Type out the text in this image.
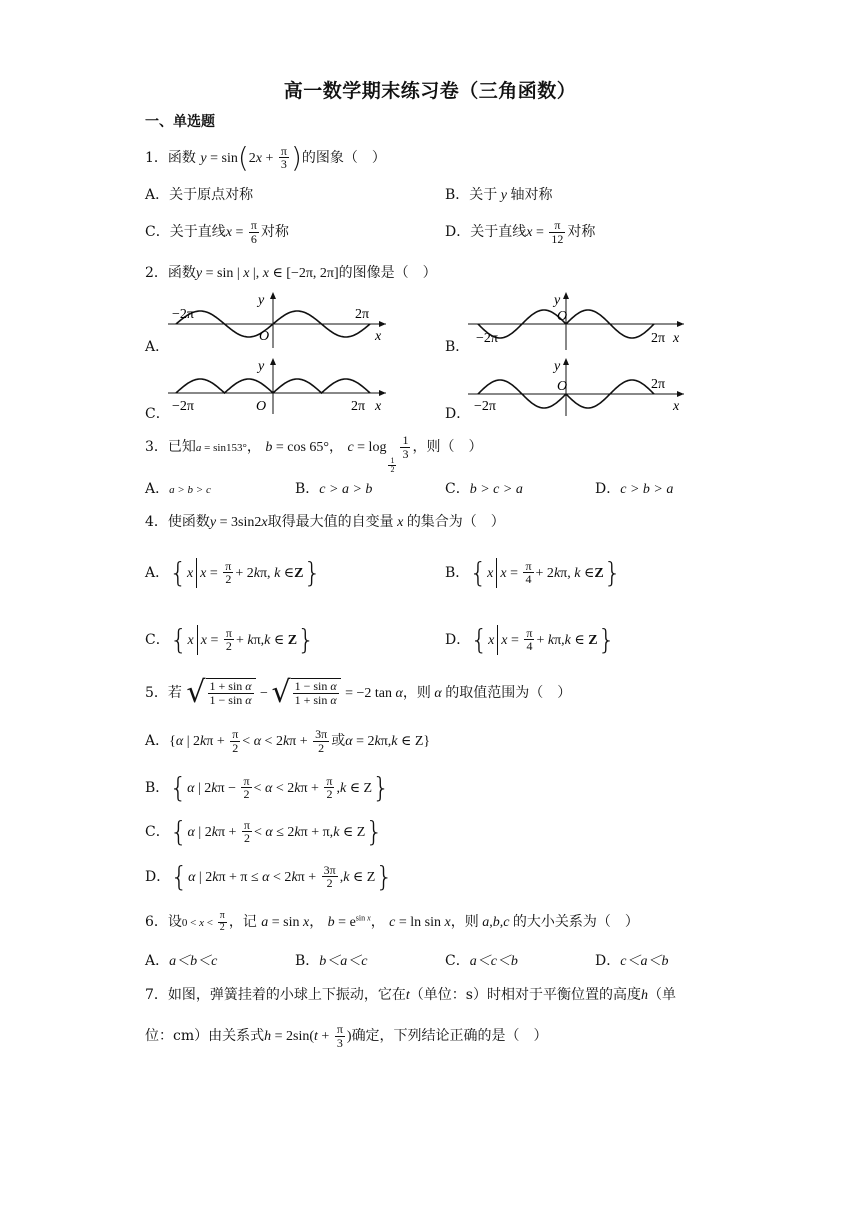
高一数学期末练习卷（三角函数）
一、单选题
1．函数 $y = \sin(2x + \frac{\pi}{3}$ )的图象（　）
A．关于原点对称	B．关于 y 轴对称
C．关于直线$x = \frac{\pi}{6}$ 对称	D．关于直线$x = \frac{\pi}{12}$ 对称
2．函数y = sin | x |, x ∈ [−2π, 2π]的图像是（　）
A．
−2π	2π
O	x
y
B．
−2π	2π
O
x
y
C． −2π	2π
O	x
y
D． −2π
2π
O
x
y
3．已知a = sin153°， b = cos 65°， c = log
$\frac{1}{2}$
$\frac{1}{3}$ ，则（　）
A．a > b > c	B．c > a > b	C．b > c > a	D．c > b > a
4．使函数y = 3sin2x取得最大值的自变量 x 的集合为（　）
A．{x $x = \frac{\pi}{2} + 2k\pi$, k ∈Z}	B．{x $x = \frac{\pi}{4} + 2k\pi$, k ∈Z}
C．{x $x = \frac{\pi}{2} + k\pi,k$ ∈ Z}	D．{x $x = \frac{\pi}{4} + k\pi,k$ ∈ Z}
5．若 √ 1 + sin α
1 − sin α − √ 1 − sin α
1 + sin α = −2 tan α，则 α 的取值范围为（　）
A．{α | $2k\pi + \frac{\pi}{2} < \alpha < 2k\pi + \frac{3\pi}{2}$ 或α = 2kπ,k ∈ Z}
B．{α | $2k\pi - \frac{\pi}{2} < \alpha < 2k\pi + \frac{\pi}{2} ,k$ ∈ Z}
C．{α | $2k\pi + \frac{\pi}{2} < \alpha \le 2k\pi + \pi,k$ ∈ Z}
D．{α | $2k\pi + \pi \le \alpha < 2k\pi + \frac{3\pi}{2} ,k$ ∈ Z}
6．设$0 < x < \frac{\pi}{2}$ ，记 a = sin x， $b = e^{sin x}$， c = ln sin x，则 a,b,c 的大小关系为（　）
A．a＜b＜c	B．b＜a＜c	C．a＜c＜b	D．c＜a＜b
7．如图，弹簧挂着的小球上下振动，它在t（单位：s）时相对于平衡位置的高度h（单
位：cm）由关系式$h = 2\sin(t + \frac{\pi}{3}$ )确定，下列结论正确的是（　）
